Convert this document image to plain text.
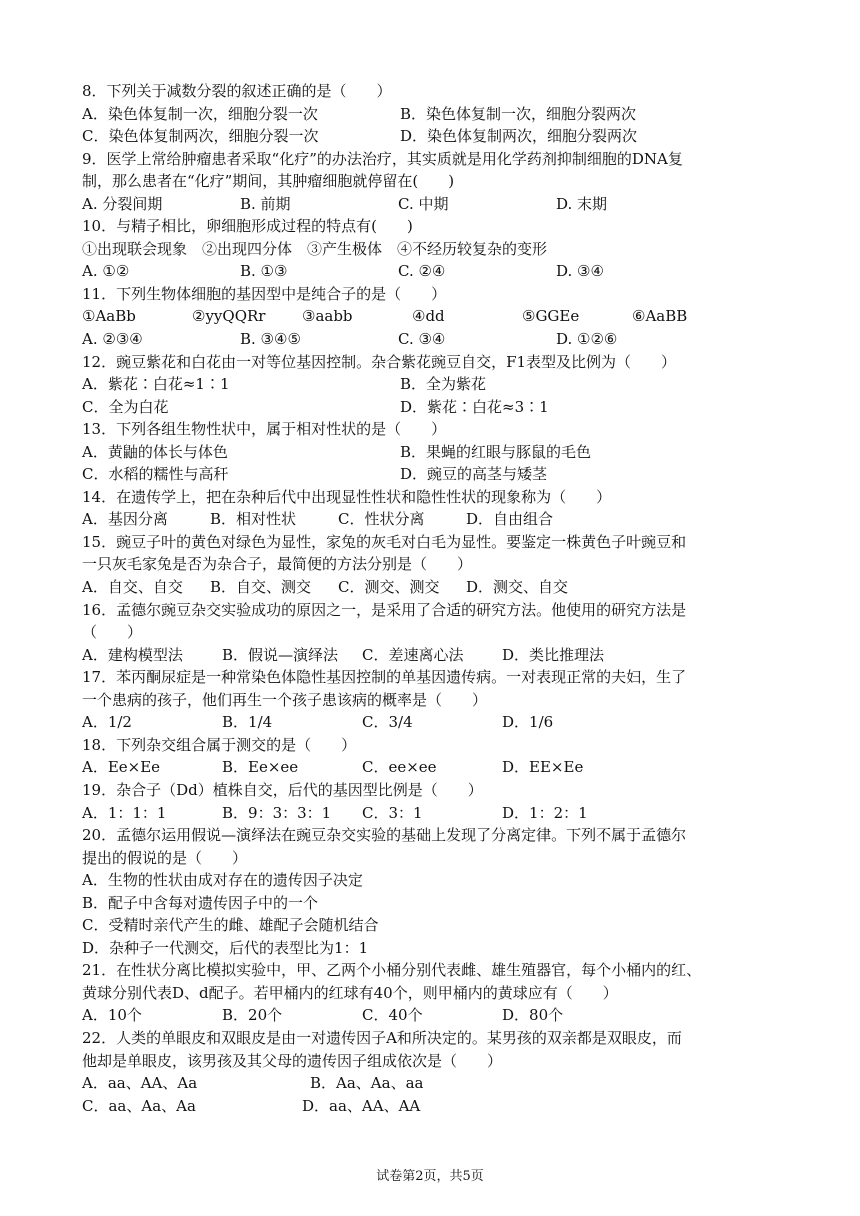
8．下列关于减数分裂的叙述正确的是（　　）
A．染色体复制一次，细胞分裂一次	B．染色体复制一次，细胞分裂两次
C．染色体复制两次，细胞分裂一次	D．染色体复制两次，细胞分裂两次
9．医学上常给肿瘤患者采取“化疗”的办法治疗，其实质就是用化学药剂抑制细胞的DNA复
制，那么患者在“化疗”期间，其肿瘤细胞就停留在(　　)
A. 分裂间期	B. 前期	C. 中期	D. 末期
10．与精子相比，卵细胞形成过程的特点有(　　)
①出现联会现象　②出现四分体　③产生极体　④不经历较复杂的变形
A. ①②	B. ①③	C. ②④	D. ③④
11．下列生物体细胞的基因型中是纯合子的是（　　）
①AaBb	②yyQQRr	③aabb	④dd	⑤GGEe	⑥AaBB
A. ②③④	B. ③④⑤	C. ③④	D. ①②⑥
12．豌豆紫花和白花由一对等位基因控制。杂合紫花豌豆自交，F1表型及比例为（　　）
A．紫花∶白花≈1∶1	B．全为紫花
C．全为白花	D．紫花∶白花≈3∶1
13．下列各组生物性状中，属于相对性状的是（　　）
A．黄鼬的体长与体色	B．果蝇的红眼与豚鼠的毛色
C．水稻的糯性与高秆	D．豌豆的高茎与矮茎
14．在遗传学上，把在杂种后代中出现显性性状和隐性性状的现象称为（　　）
A．基因分离	B．相对性状	C．性状分离	D．自由组合
15．豌豆子叶的黄色对绿色为显性，家兔的灰毛对白毛为显性。要鉴定一株黄色子叶豌豆和
一只灰毛家兔是否为杂合子，最简便的方法分别是（　　）
A．自交、自交	B．自交、测交	C．测交、测交	D．测交、自交
16．孟德尔豌豆杂交实验成功的原因之一，是采用了合适的研究方法。他使用的研究方法是
（　　）
A．建构模型法	B．假说—演绎法	C．差速离心法	D．类比推理法
17．苯丙酮尿症是一种常染色体隐性基因控制的单基因遗传病。一对表现正常的夫妇，生了
一个患病的孩子，他们再生一个孩子患该病的概率是（　　）
A．1/2	B．1/4	C．3/4	D．1/6
18．下列杂交组合属于测交的是（　　）
A．Ee×Ee	B．Ee×ee	C．ee×ee	D．EE×Ee
19．杂合子（Dd）植株自交，后代的基因型比例是（　　）
A．1：1：1	B．9：3：3：1	C．3：1	D．1：2：1
20．孟德尔运用假说—演绎法在豌豆杂交实验的基础上发现了分离定律。下列不属于孟德尔
提出的假说的是（　　）
A．生物的性状由成对存在的遗传因子决定
B．配子中含每对遗传因子中的一个
C．受精时亲代产生的雌、雄配子会随机结合
D．杂种子一代测交，后代的表型比为1：1
21．在性状分离比模拟实验中，甲、乙两个小桶分别代表雌、雄生殖器官，每个小桶内的红、
黄球分别代表D、d配子。若甲桶内的红球有40个，则甲桶内的黄球应有（　　）
A．10个	B．20个	C．40个	D．80个
22．人类的单眼皮和双眼皮是由一对遗传因子A和所决定的。某男孩的双亲都是双眼皮，而
他却是单眼皮，该男孩及其父母的遗传因子组成依次是（　　）
A．aa、AA、Aa	B．Aa、Aa、aa
C．aa、Aa、Aa	D．aa、AA、AA
试卷第2页，共5页
